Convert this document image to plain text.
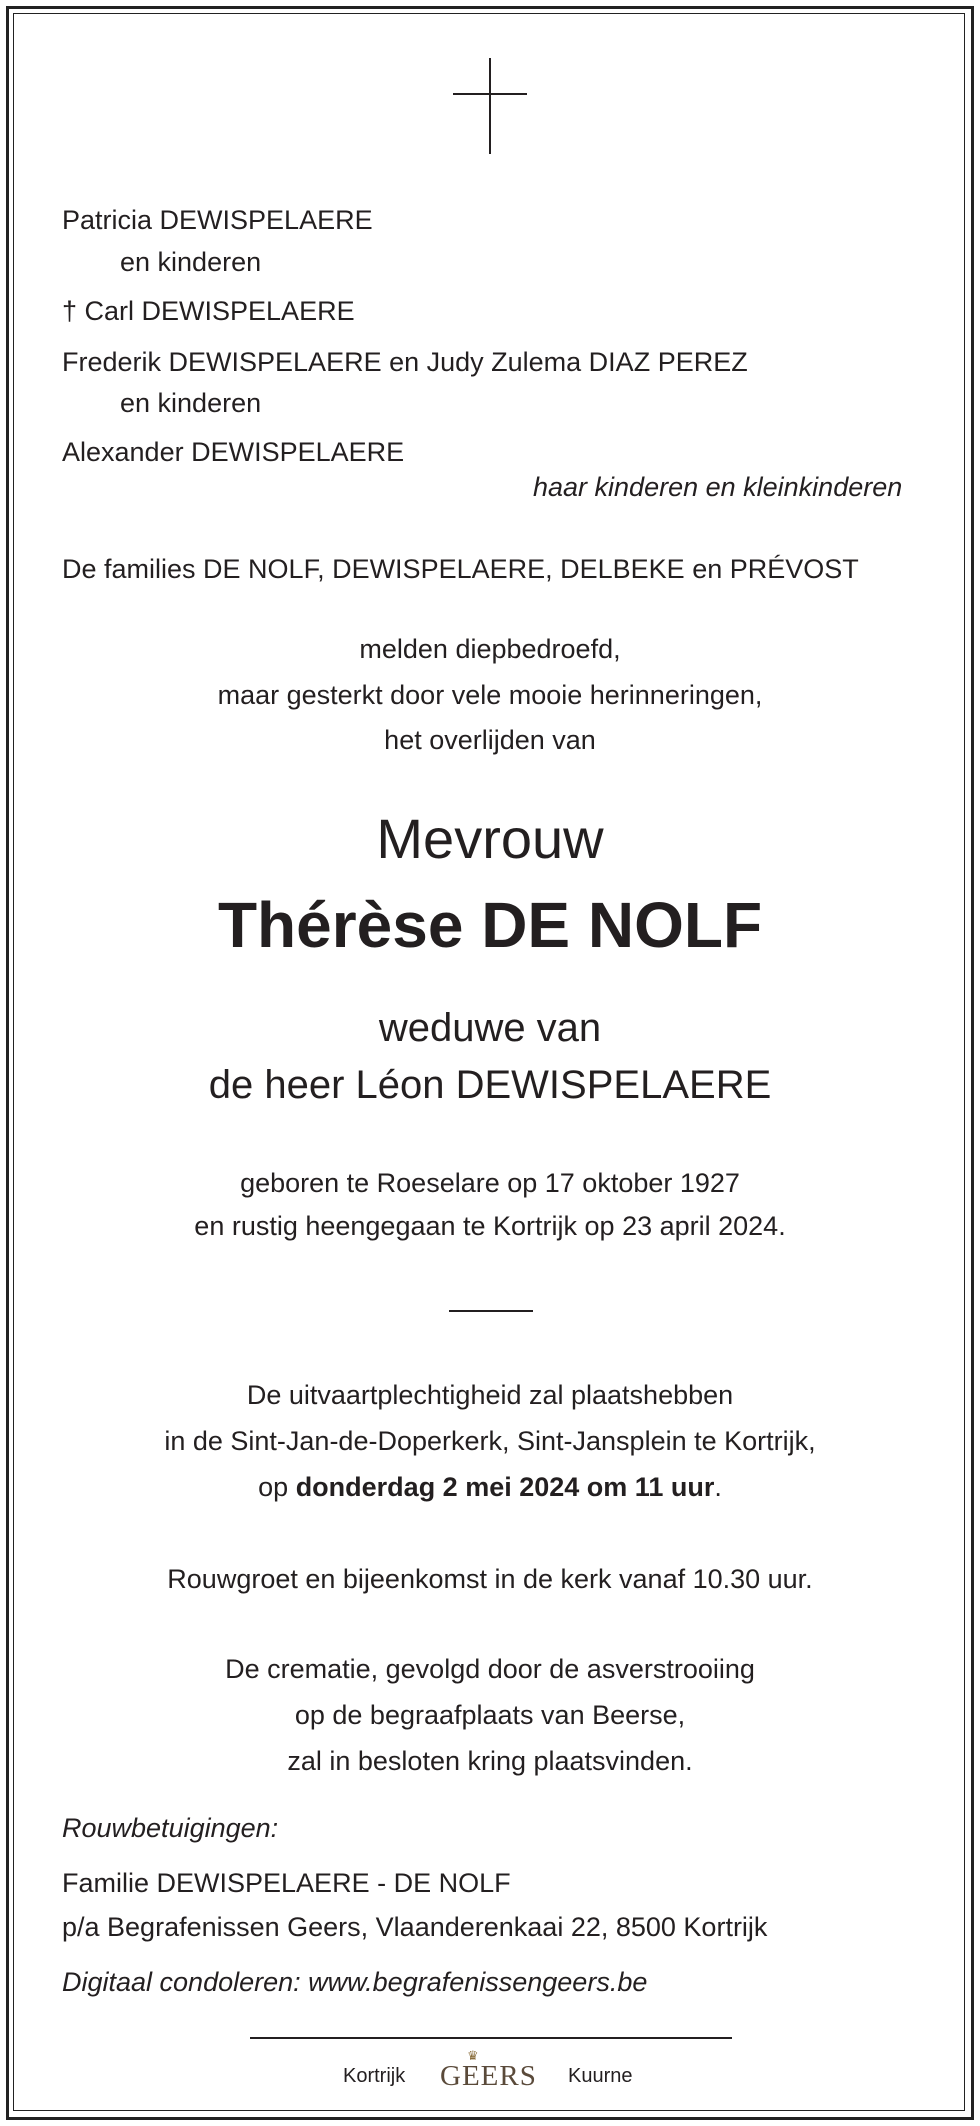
Patricia DEWISPELAERE
en kinderen
† Carl DEWISPELAERE
Frederik DEWISPELAERE en Judy Zulema DIAZ PEREZ
en kinderen
Alexander DEWISPELAERE
haar kinderen en kleinkinderen
De families DE NOLF, DEWISPELAERE, DELBEKE en PRÉVOST
melden diepbedroefd,
maar gesterkt door vele mooie herinneringen,
het overlijden van
Mevrouw
Thérèse DE NOLF
weduwe van
de heer Léon DEWISPELAERE
geboren te Roeselare op 17 oktober 1927
en rustig heengegaan te Kortrijk op 23 april 2024.
De uitvaartplechtigheid zal plaatshebben
in de Sint-Jan-de-Doperkerk, Sint-Jansplein te Kortrijk,
op donderdag 2 mei 2024 om 11 uur.
Rouwgroet en bijeenkomst in de kerk vanaf 10.30 uur.
De crematie, gevolgd door de asverstrooiing
op de begraafplaats van Beerse,
zal in besloten kring plaatsvinden.
Rouwbetuigingen:
Familie DEWISPELAERE - DE NOLF
p/a Begrafenissen Geers, Vlaanderenkaai 22, 8500 Kortrijk
Digitaal condoleren: www.begrafenissengeers.be
Kortrijk
♛
GEERS Kuurne
